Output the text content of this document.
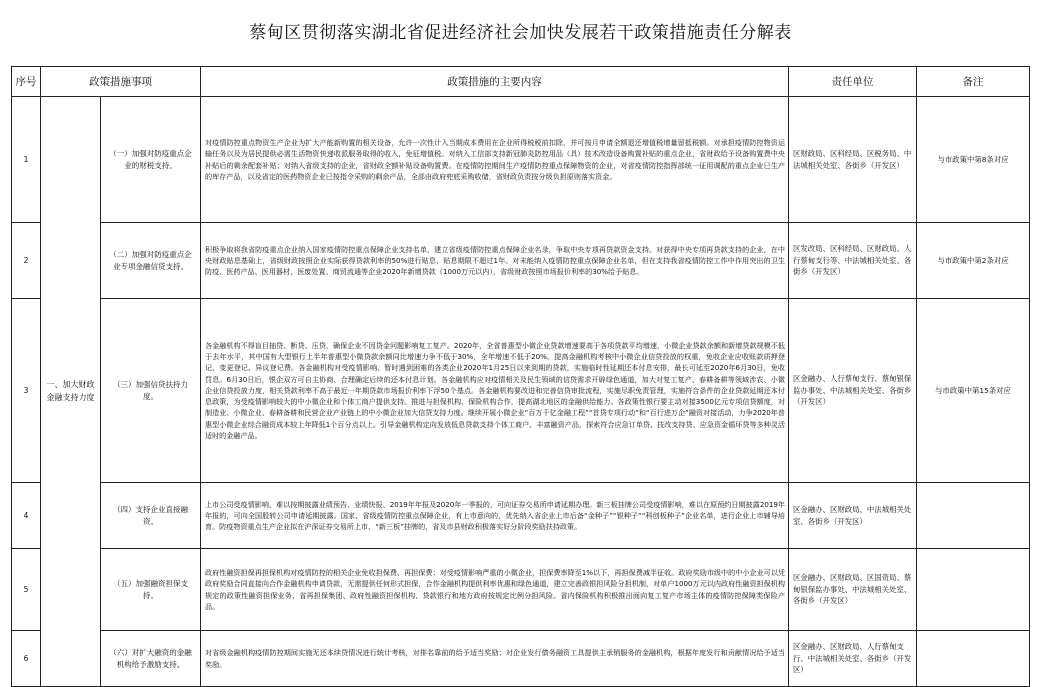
蔡甸区贯彻落实湖北省促进经济社会加快发展若干政策措施责任分解表
序号	政策措施事项		政策措施的主要内容	责任单位	备注
1	一、加大财政金融支持力度	（一）加强对防疫重点企业的财税支持。	对疫情防控重点物资生产企业为扩大产能新购置的相关设备，允许一次性计入当期成本费用在企业所得税税前扣除，并可按月申请全额退还增值税增量留抵税额。对承担疫情防控物资运输任务以及为居民提供必需生活物资快递收派服务取得的收入，免征增值税。对纳入工信部支持新冠肺炎防控用品（具）技术改造设备购置补贴的重点企业，省财政给予设备购置费中央补贴后的剩余配套补贴；对纳入省级支持的企业，省财政全额补贴设备购置费。在疫情防控期间生产疫情防控重点保障物资的企业，对省疫情防控指挥部统一征用调配的重点企业已生产的库存产品，以及省定的医药物资企业已按指令采购的剩余产品，全部由政府兜底采购收储，省财政负责按分级负担原则落实资金。	区财政局、区科经局、区税务局、中法城相关处室、各街乡（开发区）	与市政策中第8条对应
2		（二）加强对防疫重点企业专项金融信贷支持。	积极争取将我省防疫重点企业纳入国家疫情防控重点保障企业支持名单，建立省级疫情防控重点保障企业名录，争取中央专项再贷款资金支持。对获得中央专项再贷款支持的企业，在中央财政贴息基础上，省级财政按照企业实际获得贷款利率的50%进行贴息，贴息期限不超过1年。对未能纳入疫情防控重点保障企业名单，但在支持我省疫情防控工作中作用突出的卫生防疫、医药产品、医用器材、医废处置、商贸流通等企业2020年新增贷款（1000万元以内），省级财政按照市场报价利率的30%给予贴息。	区发改局、区科经局、区财政局、人行蔡甸支行等、中法城相关处室、各街乡（开发区）	与市政策中第2条对应
3		（三）加强信贷扶持力度。	各金融机构不得盲目抽贷、断贷、压贷，确保企业不因贷金问题影响复工复产。2020年，全省普惠型小微企业贷款增速要高于各项贷款平均增速，小微企业贷款余额和新增贷款规模不低于去年水平，其中国有大型银行上半年普惠型小微贷款余额同比增速力争不低于30%，全年增速不低于20%。提高金融机构考核中小微企业信贷投放的权重，免收企业应收账款质押登记、变更登记、异议登记费。各金融机构对受疫情影响、暂时遇到困难的各类企业2020年1月25日以来到期的贷款，实施临时性延期还本付息安排，最长可延至2020年6月30日，免收罚息。6月30日后，银企双方可自主协商、合理确定后续的还本付息计划。各金融机构应对疫情相关及民生领域的信贷需求开辟绿色通道，加大对复工复产、春耕备耕等领域涉农、小微企业信贷投放力度，相关贷款利率不高于最近一年期贷款市场报价利率下浮50个基点。各金融机构要改进和完善信贷审批流程，实施尽职免责管理，实施符合条件的企业贷款延期还本付息政策，为受疫情影响较大的中小微企业和个体工商户提供支持。推进与担保机构、保险机构合作，提高湖北地区的金融供给能力。各政策性银行要主动对接3500亿元专项信贷额度，对制造业、小微企业、春耕备耕和民营企业产业链上的中小微企业加大信贷支持力度。继续开展小微企业“百万千亿金融工程”“首贷专项行动”和“百行进万企”融资对接活动，力争2020年普惠型小微企业综合融资成本较上年降低1个百分点以上。引导金融机构定向发放低息贷款支持个体工商户、丰富融资产品，探索符合应急订单贷、技改支持贷、应急资金循环贷等多种灵活适时的金融产品。	区金融办、人行蔡甸支行、蔡甸银保监办事处、中法城相关处室、各街乡（开发区）	与市政策中第15条对应
4		（四）支持企业直接融资。	上市公司受疫情影响，难以按期披露业绩预告、业绩快报、2019年年报及2020年一季报的，可向证券交易所申请延期办理。新三板挂牌公司受疫情影响，难以在原预约日期披露2019年年报的，可向全国股转公司申请延期披露。国家、省级疫情防控重点保障企业，有上市意向的，优先纳入省企业上市后备“金种子”“银种子”“科创板种子”企业名单，进行企业上市辅导培育。防疫物资重点生产企业拟在沪深证券交易所上市、“新三板”挂牌的，省及市县财政积极落实好分阶段奖励扶持政策。	区金融办、区财政局、中法城相关处室、各街乡（开发区）	
5		（五）加强融资担保支持。	政府性融资担保再担保机构对疫情防控的相关企业免收担保费、再担保费；对受疫情影响严重的小微企业，担保费率降至1%以下，再担保费减半征收。政府奖励市级中的中小企业可以凭政府奖励合同直接向合作金融机构申请贷款，无需提供任何形式担保，合作金融机构提供利率优惠和绿色通道，建立完善政银担风险分担机制，对单户1000万元以内政府性融资担保机构规定的政策性融资担保业务，省再担保集团、政府性融资担保机构、贷款银行和地方政府按规定比例分担风险。省内保险机构积极推出面向复工复产市场主体的疫情防控保障类保险产品。	区金融办、区财政局、区国资局、蔡甸银保监办事处、中法城相关处室、各街乡（开发区）	
6		（六）对扩大融资的金融机构给予激励支持。	对省级金融机构疫情防控期间实施无还本续贷情况进行统计考核，对排名靠前的给予适当奖励；对企业发行债务融资工具提供主承销服务的金融机构，根据年度发行和贡献情况给予适当奖励。	区金融办、区财政局、人行蔡甸支行、中法城相关处室、各街乡（开发区）	
